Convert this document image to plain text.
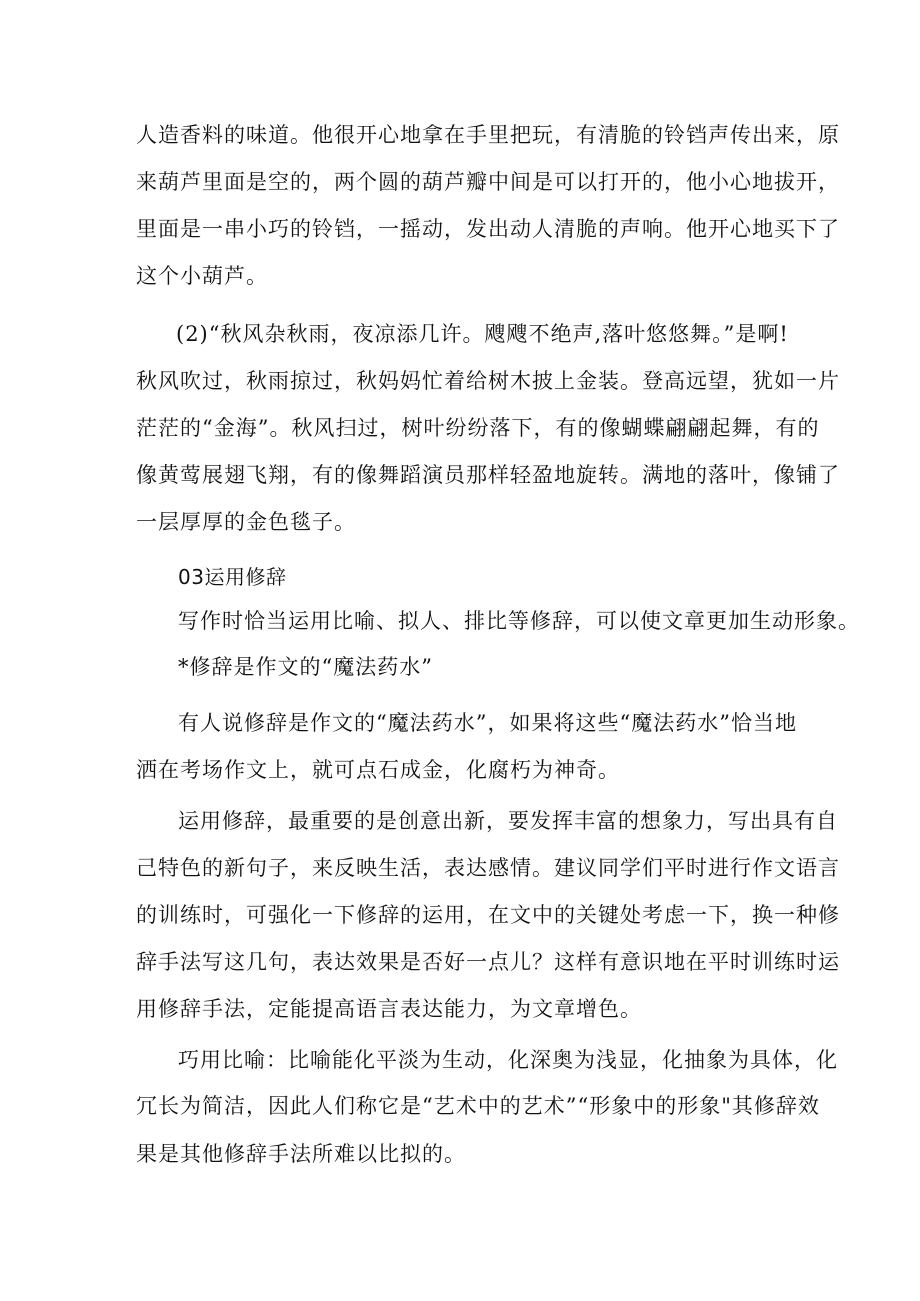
人造香料的味道。他很开心地拿在手里把玩，有清脆的铃铛声传出来，原
来葫芦里面是空的，两个圆的葫芦瓣中间是可以打开的，他小心地拔开，
里面是一串小巧的铃铛，一摇动，发出动人清脆的声响。他开心地买下了
这个小葫芦。
(2)“秋风杂秋雨，夜凉添几许。飕飕不绝声,落叶悠悠舞。”是啊!
秋风吹过，秋雨掠过，秋妈妈忙着给树木披上金装。登高远望，犹如一片
茫茫的“金海”。秋风扫过，树叶纷纷落下，有的像蝴蝶翩翩起舞，有的
像黄莺展翅飞翔，有的像舞蹈演员那样轻盈地旋转。满地的落叶，像铺了
一层厚厚的金色毯子。
03运用修辞
写作时恰当运用比喻、拟人、排比等修辞，可以使文章更加生动形象。
*修辞是作文的“魔法药水”
有人说修辞是作文的“魔法药水”，如果将这些“魔法药水”恰当地
洒在考场作文上，就可点石成金，化腐朽为神奇。
运用修辞，最重要的是创意出新，要发挥丰富的想象力，写出具有自
己特色的新句子，来反映生活，表达感情。建议同学们平时进行作文语言
的训练时，可强化一下修辞的运用，在文中的关键处考虑一下，换一种修
辞手法写这几句，表达效果是否好一点儿？这样有意识地在平时训练时运
用修辞手法，定能提高语言表达能力，为文章增色。
巧用比喻：比喻能化平淡为生动，化深奥为浅显，化抽象为具体，化
冗长为简洁，因此人们称它是“艺术中的艺术”“形象中的形象"其修辞效
果是其他修辞手法所难以比拟的。
